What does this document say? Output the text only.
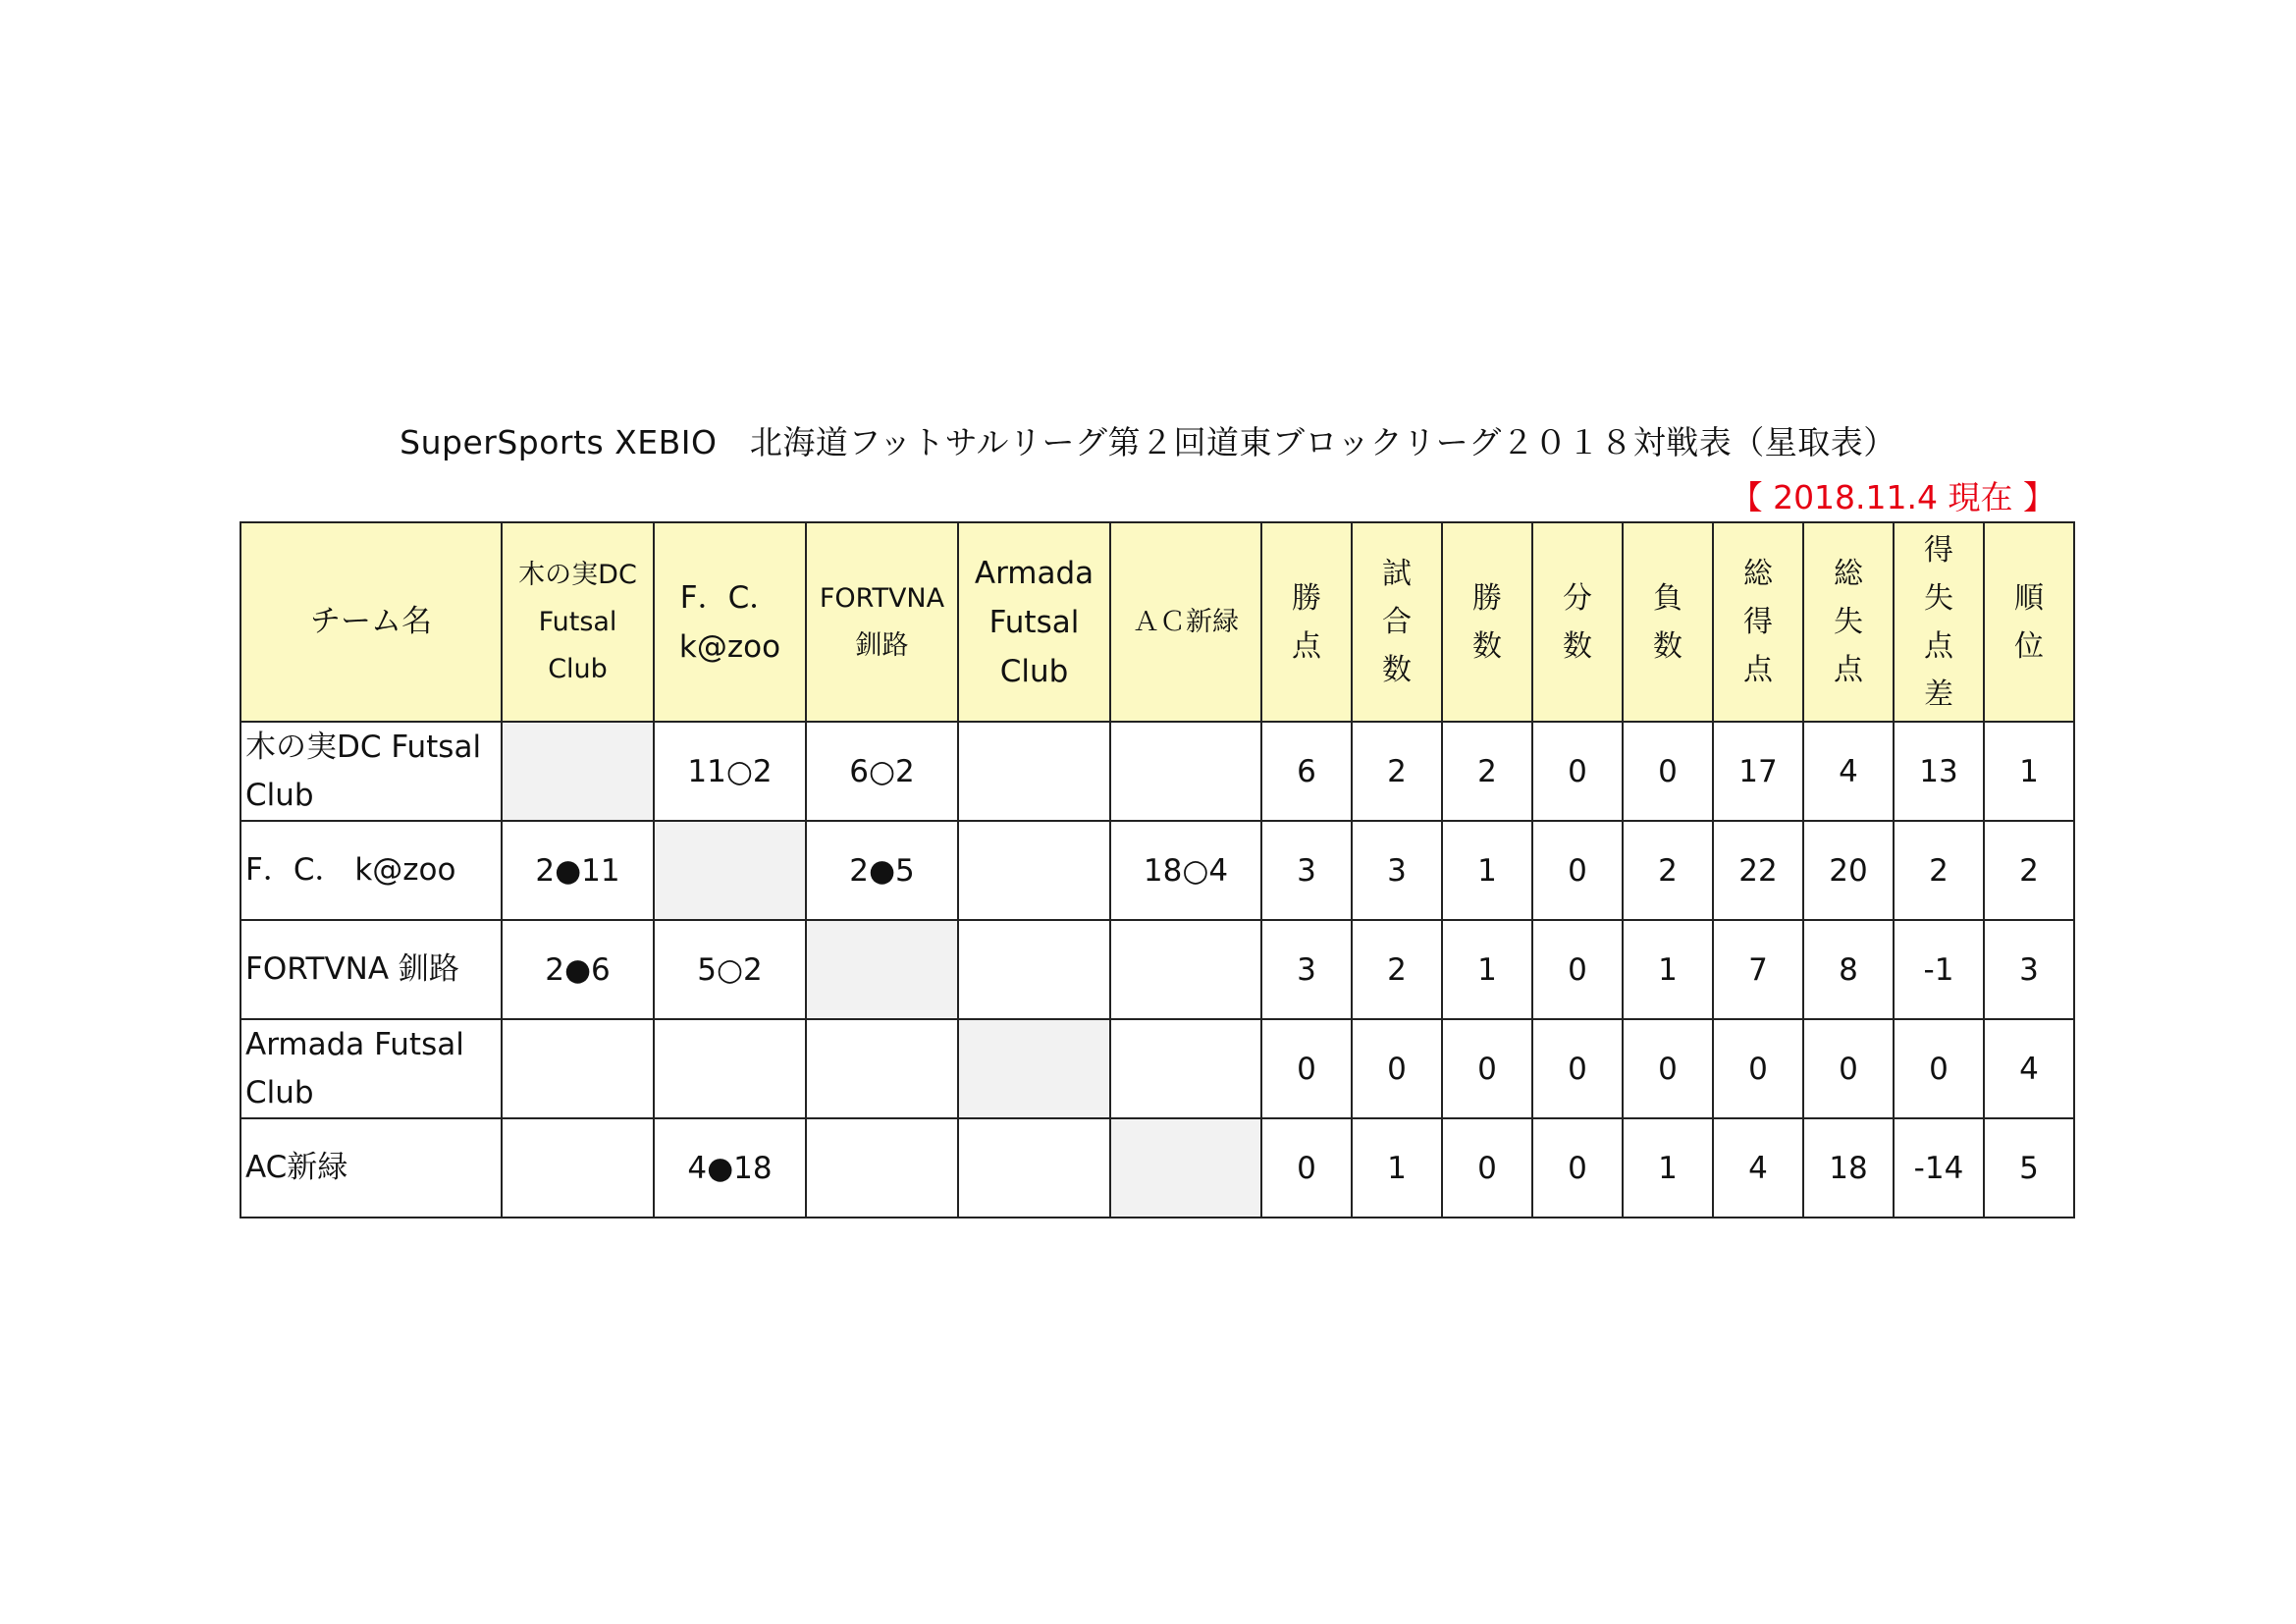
SuperSports XEBIO　北海道フットサルリーグ第２回道東ブロックリーグ２０１８対戦表（星取表）
【 2018.11.4 現在 】
チーム名	木の実DC
Futsal
Club	F．C．
k@zoo	FORTVNA
釧路	Armada
Futsal
Club	ＡＣ新緑	勝
点	試
合
数	勝
数	分
数	負
数	総
得
点	総
失
点	得
失
点
差	順
位

木の実DC Futsal
Club		11○2	6○2			6	2	2	0	0	17	4	13	1

F．C． k@zoo	2●11		2●5		18○4	3	3	1	0	2	22	20	2	2

FORTVNA 釧路	2●6	5○2				3	2	1	0	1	7	8	-1	3

Armada Futsal
Club						0	0	0	0	0	0	0	0	4

AC新緑		4●18				0	1	0	0	1	4	18	-14	5
